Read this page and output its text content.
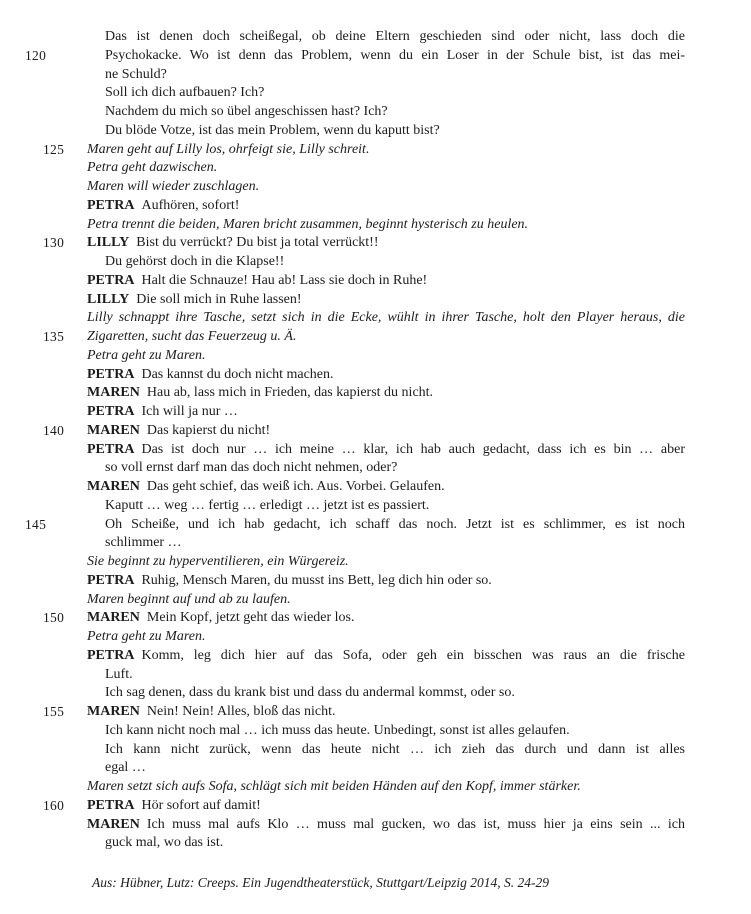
Das ist denen doch scheißegal, ob deine Eltern geschieden sind oder nicht, lass doch die
120	Psychokacke. Wo ist denn das Problem, wenn du ein Loser in der Schule bist, ist das mei-
ne Schuld?
Soll ich dich aufbauen? Ich?
Nachdem du mich so übel angeschissen hast? Ich?
Du blöde Votze, ist das mein Problem, wenn du kaputt bist?
125 Maren geht auf Lilly los, ohrfeigt sie, Lilly schreit.
Petra geht dazwischen.
Maren will wieder zuschlagen.
PETRA Aufhören, sofort!
Petra trennt die beiden, Maren bricht zusammen, beginnt hysterisch zu heulen.
130 LILLY Bist du verrückt? Du bist ja total verrückt!!
Du gehörst doch in die Klapse!!
PETRA Halt die Schnauze! Hau ab! Lass sie doch in Ruhe!
LILLY Die soll mich in Ruhe lassen!
Lilly schnappt ihre Tasche, setzt sich in die Ecke, wühlt in ihrer Tasche, holt den Player heraus, die
135 Zigaretten, sucht das Feuerzeug u. Ä.
Petra geht zu Maren.
PETRA Das kannst du doch nicht machen.
MAREN Hau ab, lass mich in Frieden, das kapierst du nicht.
PETRA Ich will ja nur …
140 MAREN Das kapierst du nicht!
PETRA Das ist doch nur … ich meine … klar, ich hab auch gedacht, dass ich es bin … aber
so voll ernst darf man das doch nicht nehmen, oder?
MAREN Das geht schief, das weiß ich. Aus. Vorbei. Gelaufen.
Kaputt … weg … fertig … erledigt … jetzt ist es passiert.
145	Oh Scheiße, und ich hab gedacht, ich schaff das noch. Jetzt ist es schlimmer, es ist noch
schlimmer …
Sie beginnt zu hyperventilieren, ein Würgereiz.
PETRA Ruhig, Mensch Maren, du musst ins Bett, leg dich hin oder so.
Maren beginnt auf und ab zu laufen.
150 MAREN Mein Kopf, jetzt geht das wieder los.
Petra geht zu Maren.
PETRA Komm, leg dich hier auf das Sofa, oder geh ein bisschen was raus an die frische
Luft.
Ich sag denen, dass du krank bist und dass du andermal kommst, oder so.
155 MAREN Nein! Nein! Alles, bloß das nicht.
Ich kann nicht noch mal … ich muss das heute. Unbedingt, sonst ist alles gelaufen.
Ich kann nicht zurück, wenn das heute nicht … ich zieh das durch und dann ist alles
egal …
Maren setzt sich aufs Sofa, schlägt sich mit beiden Händen auf den Kopf, immer stärker.
160 PETRA Hör sofort auf damit!
MAREN Ich muss mal aufs Klo … muss mal gucken, wo das ist, muss hier ja eins sein ... ich
guck mal, wo das ist.
Aus: Hübner, Lutz: Creeps. Ein Jugendtheaterstück, Stuttgart/Leipzig 2014, S. 24-29
